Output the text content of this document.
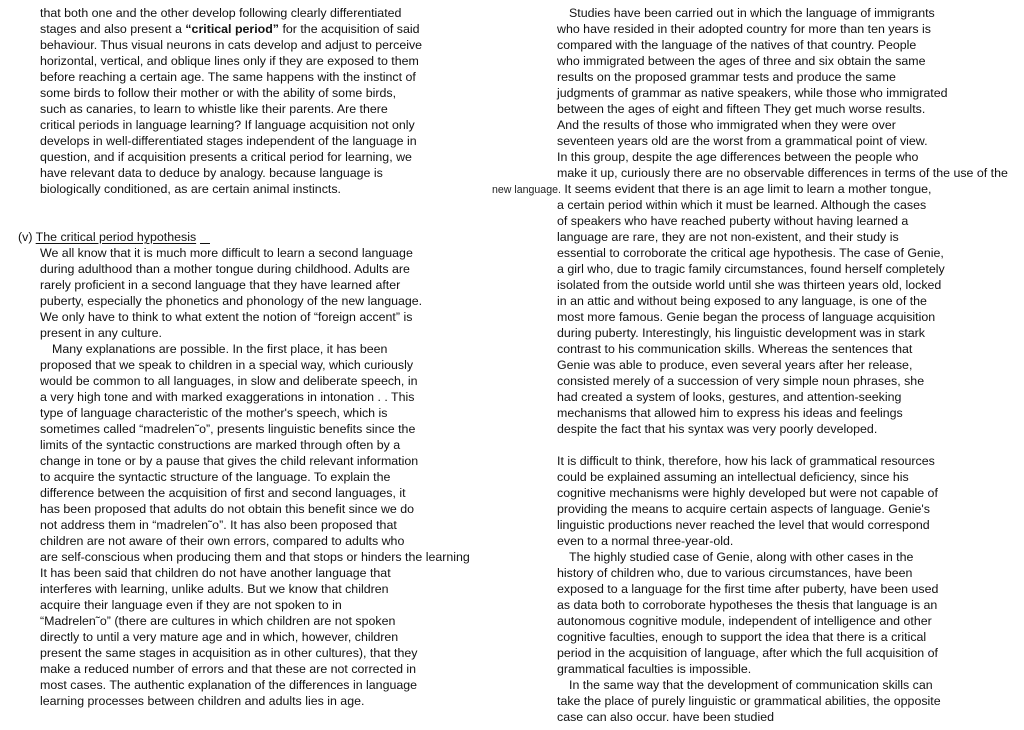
that both one and the other develop following clearly differentiated

stages and also present a “critical period” for the acquisition of said

behaviour. Thus visual neurons in cats develop and adjust to perceive

horizontal, vertical, and oblique lines only if they are exposed to them

before reaching a certain age. The same happens with the instinct of

some birds to follow their mother or with the ability of some birds,

such as canaries, to learn to whistle like their parents. Are there

critical periods in language learning? If language acquisition not only

develops in well-differentiated stages independent of the language in

question, and if acquisition presents a critical period for learning, we

have relevant data to deduce by analogy. because language is

biologically conditioned, as are certain animal instincts.

(v) The critical period hypothesis

We all know that it is much more difficult to learn a second language

during adulthood than a mother tongue during childhood. Adults are

rarely proficient in a second language that they have learned after

puberty, especially the phonetics and phonology of the new language.

We only have to think to what extent the notion of “foreign accent” is

present in any culture.

Many explanations are possible. In the first place, it has been

proposed that we speak to children in a special way, which curiously

would be common to all languages, in slow and deliberate speech, in

a very high tone and with marked exaggerations in intonation . . This

type of language characteristic of the mother's speech, which is

sometimes called “madrelen˜o”, presents linguistic benefits since the

limits of the syntactic constructions are marked through often by a

change in tone or by a pause that gives the child relevant information

to acquire the syntactic structure of the language. To explain the

difference between the acquisition of first and second languages, it

has been proposed that adults do not obtain this benefit since we do

not address them in “madrelen˜o”. It has also been proposed that

children are not aware of their own errors, compared to adults who

are self-conscious when producing them and that stops or hinders the learning

It has been said that children do not have another language that

interferes with learning, unlike adults. But we know that children

acquire their language even if they are not spoken to in

“Madrelen˜o” (there are cultures in which children are not spoken

directly to until a very mature age and in which, however, children

present the same stages in acquisition as in other cultures), that they

make a reduced number of errors and that these are not corrected in

most cases. The authentic explanation of the differences in language

learning processes between children and adults lies in age.

Studies have been carried out in which the language of immigrants

who have resided in their adopted country for more than ten years is

compared with the language of the natives of that country. People

who immigrated between the ages of three and six obtain the same

results on the proposed grammar tests and produce the same

judgments of grammar as native speakers, while those who immigrated

between the ages of eight and fifteen They get much worse results.

And the results of those who immigrated when they were over

seventeen years old are the worst from a grammatical point of view.

In this group, despite the age differences between the people who

make it up, curiously there are no observable differences in terms of the use of the

new language. It seems evident that there is an age limit to learn a mother tongue,

a certain period within which it must be learned. Although the cases

of speakers who have reached puberty without having learned a

language are rare, they are not non-existent, and their study is

essential to corroborate the critical age hypothesis. The case of Genie,

a girl who, due to tragic family circumstances, found herself completely

isolated from the outside world until she was thirteen years old, locked

in an attic and without being exposed to any language, is one of the

most more famous. Genie began the process of language acquisition

during puberty. Interestingly, his linguistic development was in stark

contrast to his communication skills. Whereas the sentences that

Genie was able to produce, even several years after her release,

consisted merely of a succession of very simple noun phrases, she

had created a system of looks, gestures, and attention-seeking

mechanisms that allowed him to express his ideas and feelings

despite the fact that his syntax was very poorly developed.

It is difficult to think, therefore, how his lack of grammatical resources

could be explained assuming an intellectual deficiency, since his

cognitive mechanisms were highly developed but were not capable of

providing the means to acquire certain aspects of language. Genie's

linguistic productions never reached the level that would correspond

even to a normal three-year-old.

The highly studied case of Genie, along with other cases in the

history of children who, due to various circumstances, have been

exposed to a language for the first time after puberty, have been used

as data both to corroborate hypotheses the thesis that language is an

autonomous cognitive module, independent of intelligence and other

cognitive faculties, enough to support the idea that there is a critical

period in the acquisition of language, after which the full acquisition of

grammatical faculties is impossible.

In the same way that the development of communication skills can

take the place of purely linguistic or grammatical abilities, the opposite

case can also occur. have been studied
